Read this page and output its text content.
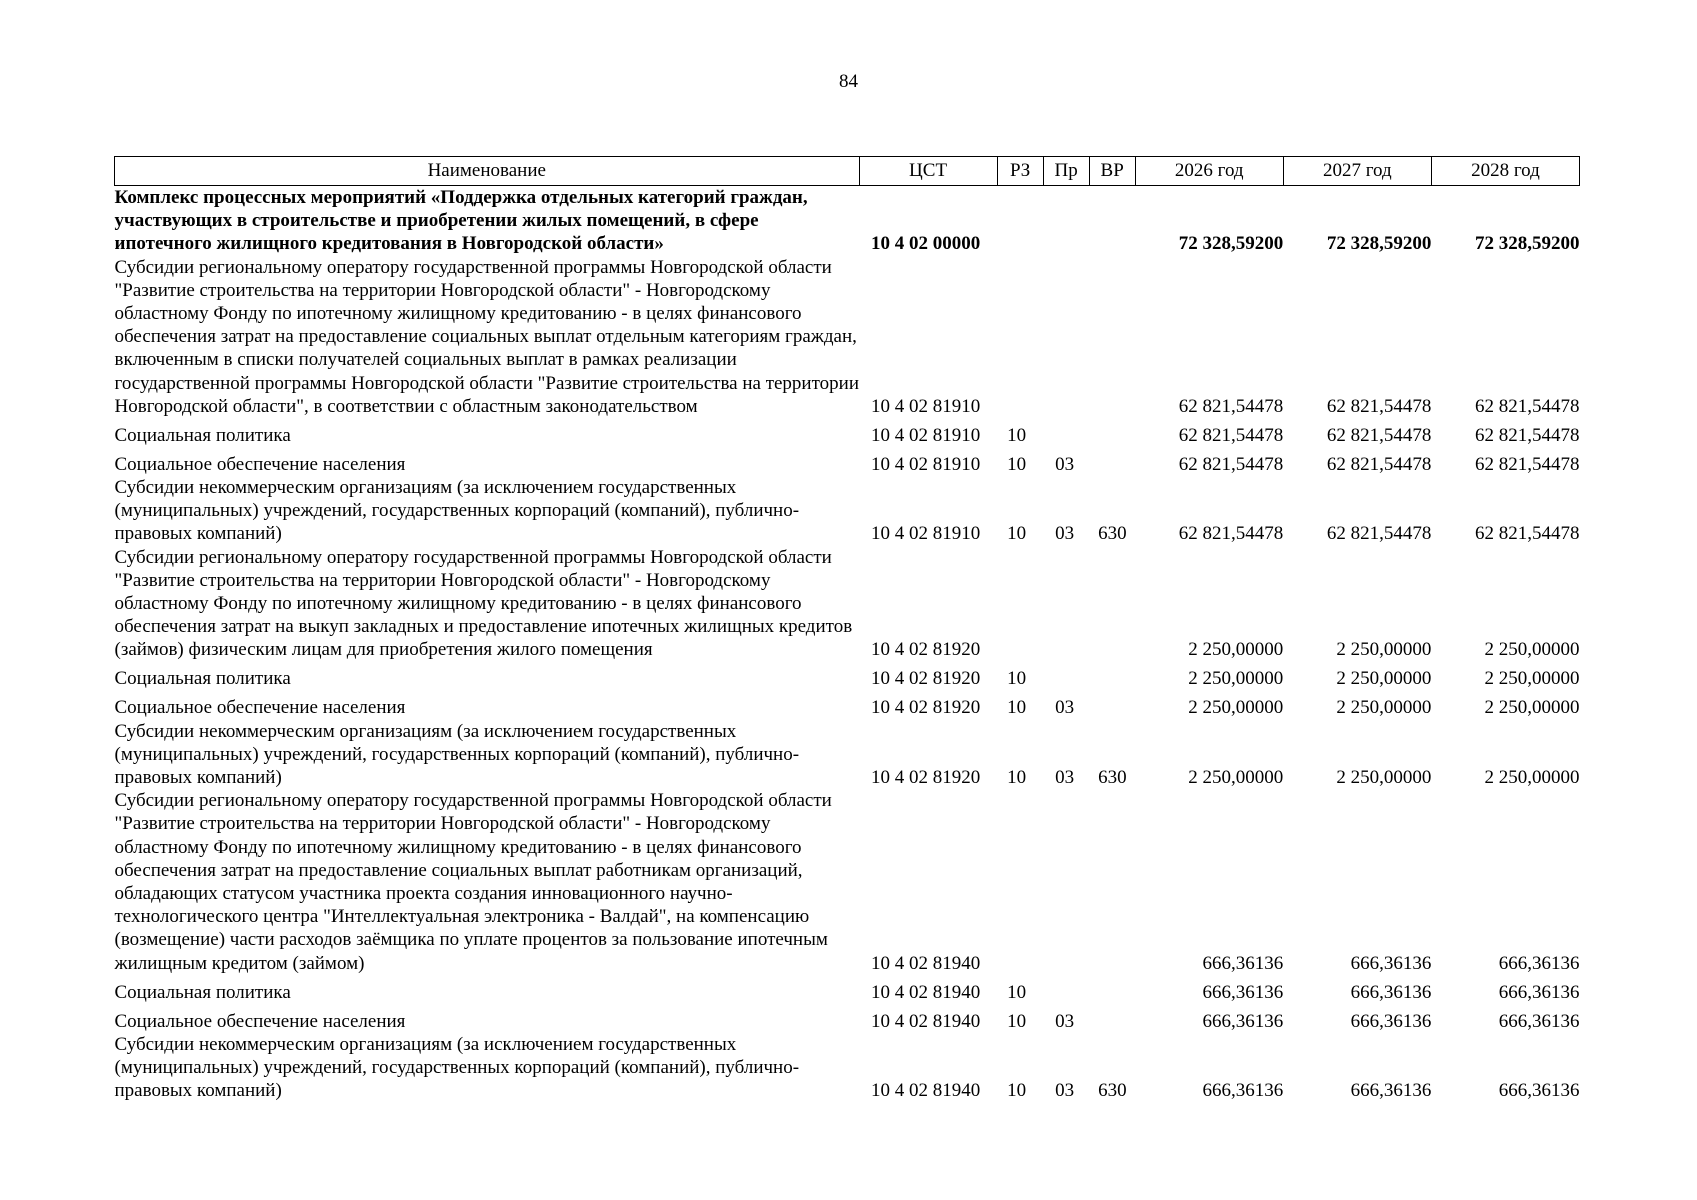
84
Наименование	ЦСТ	РЗ	Пр	ВР	2026 год	2027 год	2028 год
Комплекс процессных мероприятий «Поддержка отдельных категорий граждан, участвующих в строительстве и приобретении жилых помещений, в сфере ипотечного жилищного кредитования в Новгородской области»	10 4 02 00000				72 328,59200	72 328,59200	72 328,59200
Субсидии региональному оператору государственной программы Новгородской области "Развитие строительства на территории Новгородской области" - Новгородскому областному Фонду по ипотечному жилищному кредитованию - в целях финансового обеспечения затрат на предоставление социальных выплат отдельным категориям граждан, включенным в списки получателей социальных выплат в рамках реализации государственной программы Новгородской области "Развитие строительства на территории Новгородской области", в соответствии с областным законодательством	10 4 02 81910				62 821,54478	62 821,54478	62 821,54478
Социальная политика	10 4 02 81910	10			62 821,54478	62 821,54478	62 821,54478
Социальное обеспечение населения	10 4 02 81910	10	03		62 821,54478	62 821,54478	62 821,54478
Субсидии некоммерческим организациям (за исключением государственных (муниципальных) учреждений, государственных корпораций (компаний), публично-правовых компаний)	10 4 02 81910	10	03	630	62 821,54478	62 821,54478	62 821,54478
Субсидии региональному оператору государственной программы Новгородской области "Развитие строительства на территории Новгородской области" - Новгородскому областному Фонду по ипотечному жилищному кредитованию - в целях финансового обеспечения затрат на выкуп закладных и предоставление ипотечных жилищных кредитов (займов) физическим лицам для приобретения жилого помещения	10 4 02 81920				2 250,00000	2 250,00000	2 250,00000
Социальная политика	10 4 02 81920	10			2 250,00000	2 250,00000	2 250,00000
Социальное обеспечение населения	10 4 02 81920	10	03		2 250,00000	2 250,00000	2 250,00000
Субсидии некоммерческим организациям (за исключением государственных (муниципальных) учреждений, государственных корпораций (компаний), публично-правовых компаний)	10 4 02 81920	10	03	630	2 250,00000	2 250,00000	2 250,00000
Субсидии региональному оператору государственной программы Новгородской области "Развитие строительства на территории Новгородской области" - Новгородскому областному Фонду по ипотечному жилищному кредитованию - в целях финансового обеспечения затрат на предоставление социальных выплат работникам организаций, обладающих статусом участника проекта создания инновационного научно-технологического центра "Интеллектуальная электроника - Валдай", на компенсацию (возмещение) части расходов заёмщика по уплате процентов за пользование ипотечным жилищным кредитом (займом)	10 4 02 81940				666,36136	666,36136	666,36136
Социальная политика	10 4 02 81940	10			666,36136	666,36136	666,36136
Социальное обеспечение населения	10 4 02 81940	10	03		666,36136	666,36136	666,36136
Субсидии некоммерческим организациям (за исключением государственных (муниципальных) учреждений, государственных корпораций (компаний), публично-правовых компаний)	10 4 02 81940	10	03	630	666,36136	666,36136	666,36136
